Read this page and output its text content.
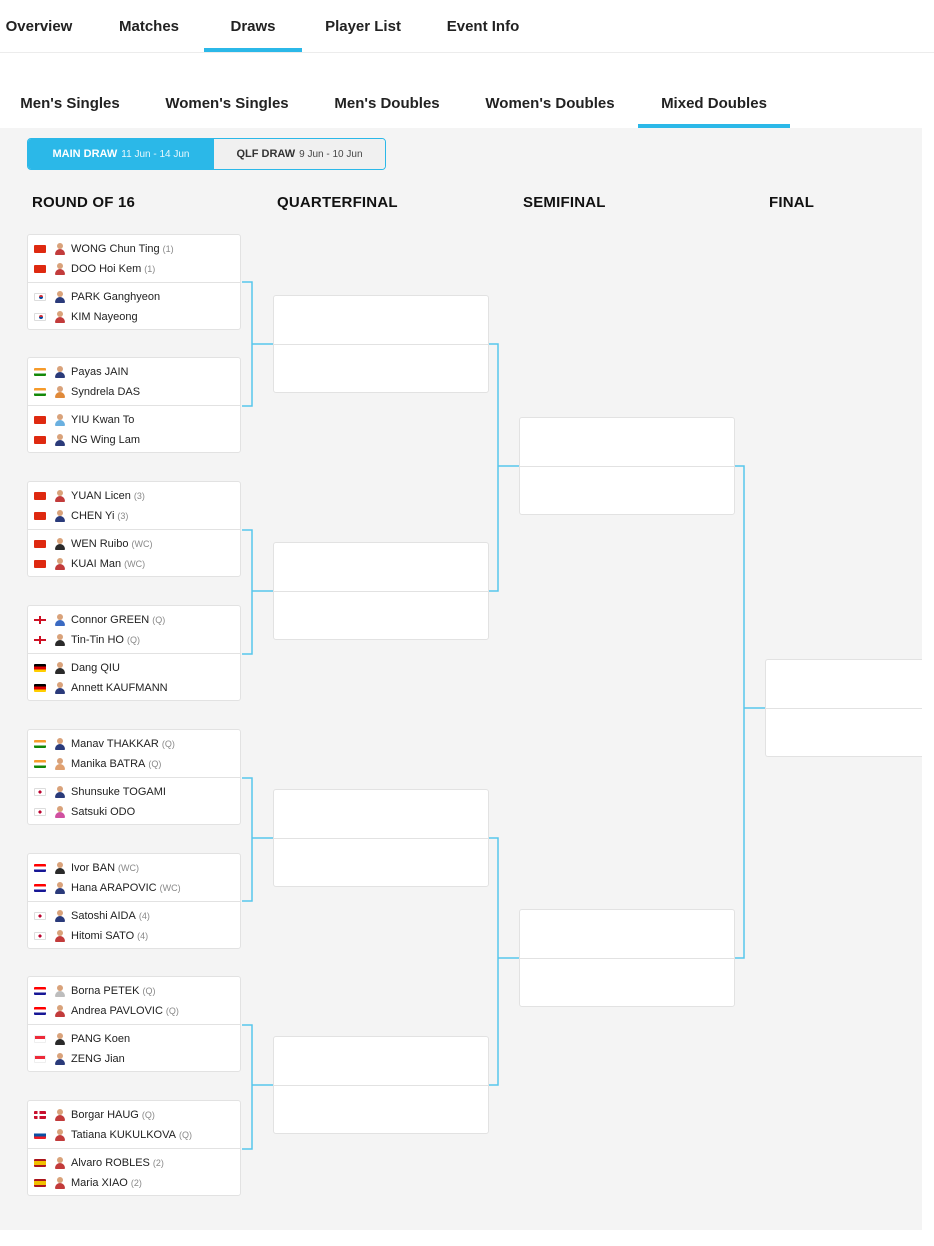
Overview	Matches	Draws	Player List	Event Info
Men's Singles	Women's Singles	Men's Doubles	Women's Doubles	Mixed Doubles
MAIN DRAW 11 Jun - 14 Jun	QLF DRAW 9 Jun - 10 Jun
ROUND OF 16	QUARTERFINAL	SEMIFINAL	FINAL
WONG Chun Ting (1)
DOO Hoi Kem (1)
PARK Ganghyeon
KIM Nayeong
Payas JAIN
Syndrela DAS
YIU Kwan To
NG Wing Lam
YUAN Licen (3)
CHEN Yi (3)
WEN Ruibo (WC)
KUAI Man (WC)
Connor GREEN (Q)
Tin-Tin HO (Q)
Dang QIU
Annett KAUFMANN
Manav THAKKAR (Q)
Manika BATRA (Q)
Shunsuke TOGAMI
Satsuki ODO
Ivor BAN (WC)
Hana ARAPOVIC (WC)
Satoshi AIDA (4)
Hitomi SATO (4)
Borna PETEK (Q)
Andrea PAVLOVIC (Q)
PANG Koen
ZENG Jian
Borgar HAUG (Q)
Tatiana KUKULKOVA (Q)
Alvaro ROBLES (2)
Maria XIAO (2)
